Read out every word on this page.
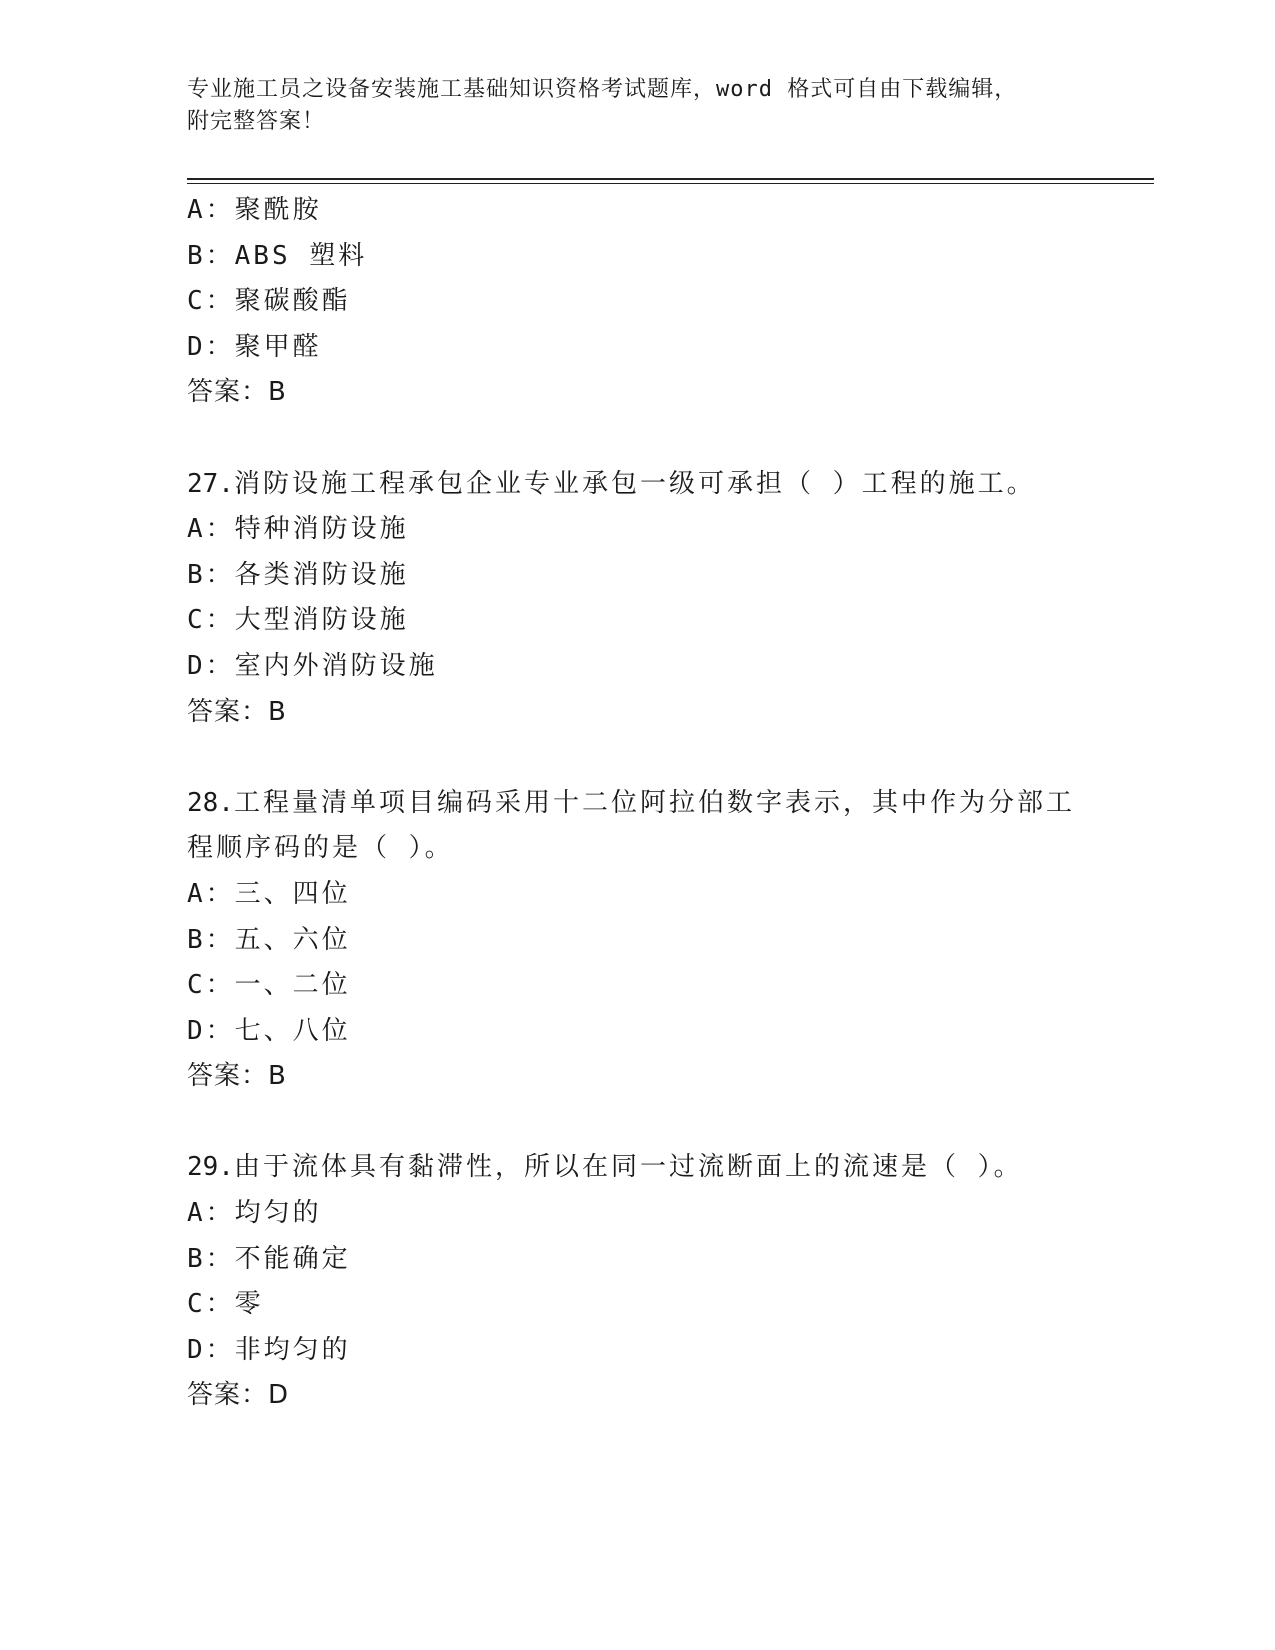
专业施工员之设备安装施工基础知识资格考试题库，word 格式可自由下载编辑，
附完整答案！
A：聚酰胺
B：ABS 塑料
C：聚碳酸酯
D：聚甲醛
答案：B
27.消防设施工程承包企业专业承包一级可承担（ ）工程的施工。
A：特种消防设施
B：各类消防设施
C：大型消防设施
D：室内外消防设施
答案：B
28.工程量清单项目编码采用十二位阿拉伯数字表示，其中作为分部工
程顺序码的是（ ）。
A：三、四位
B：五、六位
C：一、二位
D：七、八位
答案：B
29.由于流体具有黏滞性，所以在同一过流断面上的流速是（ ）。
A：均匀的
B：不能确定
C：零
D：非均匀的
答案：D
